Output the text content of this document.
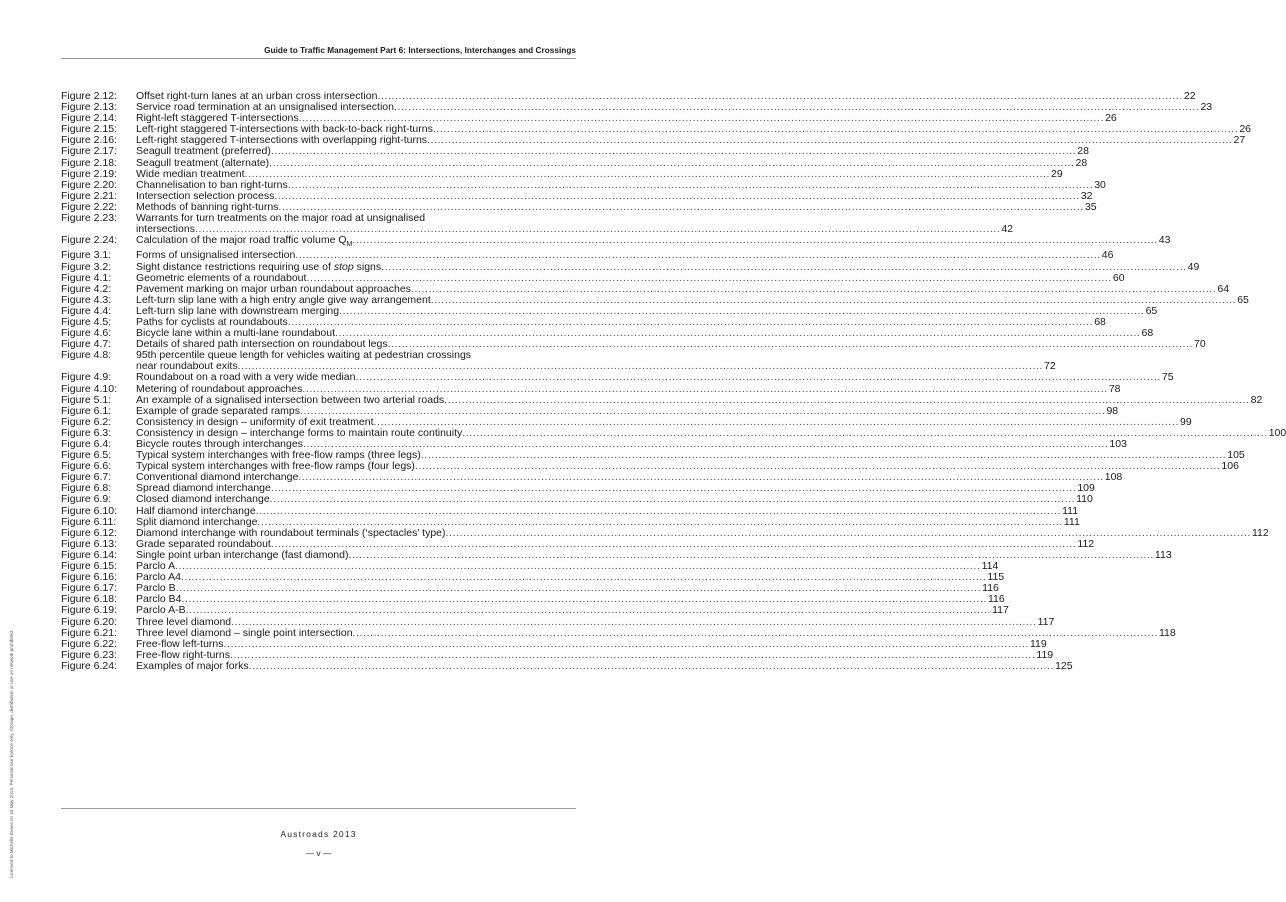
Guide to Traffic Management Part 6: Intersections, Interchanges and Crossings
Figure 2.12:	Offset right-turn lanes at an urban cross intersection .....	22
Figure 2.13:	Service road termination at an unsignalised intersection .....	23
Figure 2.14:	Right-left staggered T-intersections .....	26
Figure 2.15:	Left-right staggered T-intersections with back-to-back right-turns .....	26
Figure 2.16:	Left-right staggered T-intersections with overlapping right-turns .....	27
Figure 2.17:	Seagull treatment (preferred) .....	28
Figure 2.18:	Seagull treatment (alternate) .....	28
Figure 2.19:	Wide median treatment .....	29
Figure 2.20:	Channelisation to ban right-turns .....	30
Figure 2.21:	Intersection selection process .....	32
Figure 2.22:	Methods of banning right-turns .....	35
Figure 2.23:	Warrants for turn treatments on the major road at unsignalised
intersections .....	42
Figure 2.24:	Calculation of the major road traffic volume $Q_M$ .....	43
Figure 3.1:	Forms of unsignalised intersection .....	46
Figure 3.2:	Sight distance restrictions requiring use of stop signs .....	49
Figure 4.1:	Geometric elements of a roundabout .....	60
Figure 4.2:	Pavement marking on major urban roundabout approaches .....	64
Figure 4.3:	Left-turn slip lane with a high entry angle give way arrangement .....	65
Figure 4.4:	Left-turn slip lane with downstream merging .....	65
Figure 4.5:	Paths for cyclists at roundabouts .....	68
Figure 4.6:	Bicycle lane within a multi-lane roundabout .....	68
Figure 4.7:	Details of shared path intersection on roundabout legs .....	70
Figure 4.8:	95th percentile queue length for vehicles waiting at pedestrian crossings
near roundabout exits .....	72
Figure 4.9:	Roundabout on a road with a very wide median .....	75
Figure 4.10:	Metering of roundabout approaches .....	78
Figure 5.1:	An example of a signalised intersection between two arterial roads .....	82
Figure 6.1:	Example of grade separated ramps .....	98
Figure 6.2:	Consistency in design – uniformity of exit treatment .....	99
Figure 6.3:	Consistency in design – interchange forms to maintain route continuity .....	100
Figure 6.4:	Bicycle routes through interchanges .....	103
Figure 6.5:	Typical system interchanges with free-flow ramps (three legs) .....	105
Figure 6.6:	Typical system interchanges with free-flow ramps (four legs) .....	106
Figure 6.7:	Conventional diamond interchange .....	108
Figure 6.8:	Spread diamond interchange .....	109
Figure 6.9:	Closed diamond interchange .....	110
Figure 6.10:	Half diamond interchange .....	111
Figure 6.11:	Split diamond interchange .....	111
Figure 6.12:	Diamond interchange with roundabout terminals (‘spectacles’ type) .....	112
Figure 6.13:	Grade separated roundabout .....	112
Figure 6.14:	Single point urban interchange (fast diamond) .....	113
Figure 6.15:	Parclo A .....	114
Figure 6.16:	Parclo A4 .....	115
Figure 6.17:	Parclo B .....	116
Figure 6.18:	Parclo B4 .....	116
Figure 6.19:	Parclo A-B .....	117
Figure 6.20:	Three level diamond .....	117
Figure 6.21:	Three level diamond – single point intersection .....	118
Figure 6.22:	Free-flow left-turns .....	119
Figure 6.23:	Free-flow right-turns .....	119
Figure 6.24:	Examples of major forks .....	125
Austroads 2013
— v —
Licensed to Michelle Evans on 10 May 2013. Personal use licence only. Storage, distribution or use on network prohibited.
